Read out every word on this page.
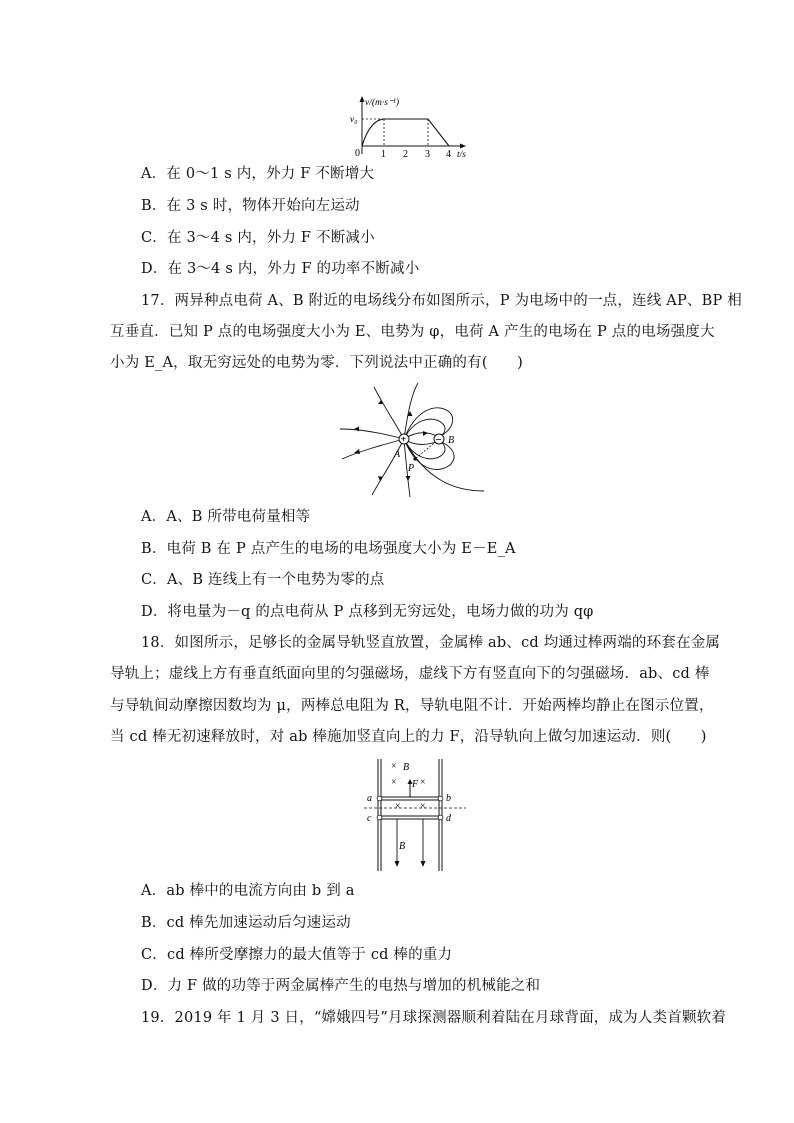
v/(m·s⁻¹)
v₀
0 1 2 3 4 t/s
A．在 0～1 s 内，外力 F 不断增大
B．在 3 s 时，物体开始向左运动
C．在 3～4 s 内，外力 F 不断减小
D．在 3～4 s 内，外力 F 的功率不断减小
17．两异种点电荷 A、B 附近的电场线分布如图所示，P 为电场中的一点，连线 AP、BP 相
互垂直．已知 P 点的电场强度大小为 E、电势为 φ，电荷 A 产生的电场在 P 点的电场强度大
小为 E_A，取无穷远处的电势为零．下列说法中正确的有(　　)
+	−
A
B
P
A．A、B 所带电荷量相等
B．电荷 B 在 P 点产生的电场的电场强度大小为 E－E_A
C．A、B 连线上有一个电势为零的点
D．将电量为－q 的点电荷从 P 点移到无穷远处，电场力做的功为 qφ
18．如图所示，足够长的金属导轨竖直放置，金属棒 ab、cd 均通过棒两端的环套在金属
导轨上；虚线上方有垂直纸面向里的匀强磁场，虚线下方有竖直向下的匀强磁场．ab、cd 棒
与导轨间动摩擦因数均为 μ，两棒总电阻为 R，导轨电阻不计．开始两棒均静止在图示位置，
当 cd 棒无初速释放时，对 ab 棒施加竖直向上的力 F，沿导轨向上做匀加速运动．则(　　)
×
× ×
× ×
B
F
B
a	b
c	d
A．ab 棒中的电流方向由 b 到 a
B．cd 棒先加速运动后匀速运动
C．cd 棒所受摩擦力的最大值等于 cd 棒的重力
D．力 F 做的功等于两金属棒产生的电热与增加的机械能之和
19．2019 年 1 月 3 日，“嫦娥四号”月球探测器顺利着陆在月球背面，成为人类首颗软着
